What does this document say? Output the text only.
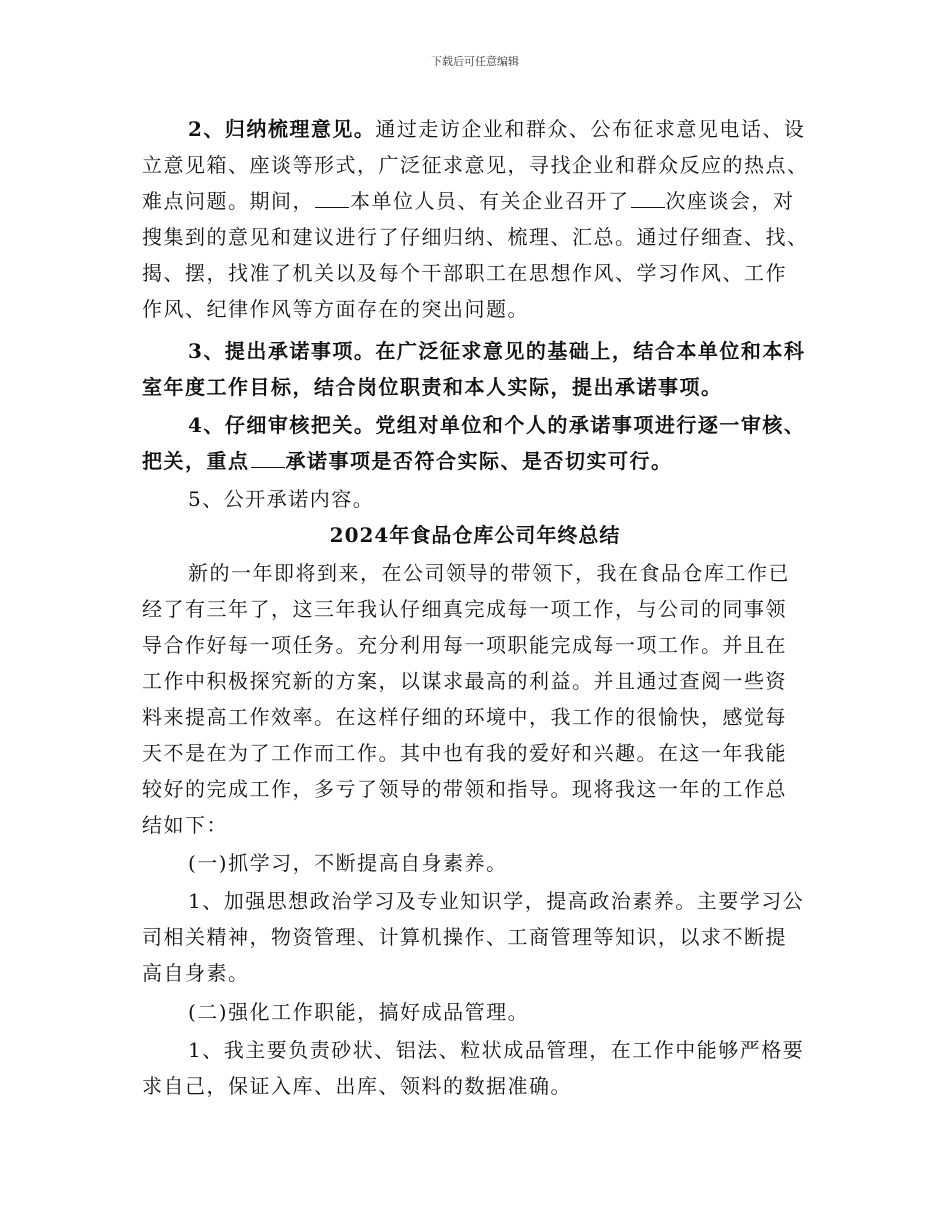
下载后可任意编辑
2、归纳梳理意见。通过走访企业和群众、公布征求意见电话、设
立意见箱、座谈等形式，广泛征求意见，寻找企业和群众反应的热点、
难点问题。期间， 本单位人员、有关企业召开了 次座谈会，对
搜集到的意见和建议进行了仔细归纳、梳理、汇总。通过仔细查、找、
揭、摆，找准了机关以及每个干部职工在思想作风、学习作风、工作
作风、纪律作风等方面存在的突出问题。
3、提出承诺事项。在广泛征求意见的基础上，结合本单位和本科
室年度工作目标，结合岗位职责和本人实际，提出承诺事项。
4、仔细审核把关。党组对单位和个人的承诺事项进行逐一审核、
把关，重点 承诺事项是否符合实际、是否切实可行。
5、公开承诺内容。
2024年食品仓库公司年终总结
新的一年即将到来，在公司领导的带领下，我在食品仓库工作已
经了有三年了，这三年我认仔细真完成每一项工作，与公司的同事领
导合作好每一项任务。充分利用每一项职能完成每一项工作。并且在
工作中积极探究新的方案，以谋求最高的利益。并且通过查阅一些资
料来提高工作效率。在这样仔细的环境中，我工作的很愉快，感觉每
天不是在为了工作而工作。其中也有我的爱好和兴趣。在这一年我能
较好的完成工作，多亏了领导的带领和指导。现将我这一年的工作总
结如下：
(一)抓学习，不断提高自身素养。
1、加强思想政治学习及专业知识学，提高政治素养。主要学习公
司相关精神，物资管理、计算机操作、工商管理等知识，以求不断提
高自身素。
(二)强化工作职能，搞好成品管理。
1、我主要负责砂状、铝法、粒状成品管理，在工作中能够严格要
求自己，保证入库、出库、领料的数据准确。
